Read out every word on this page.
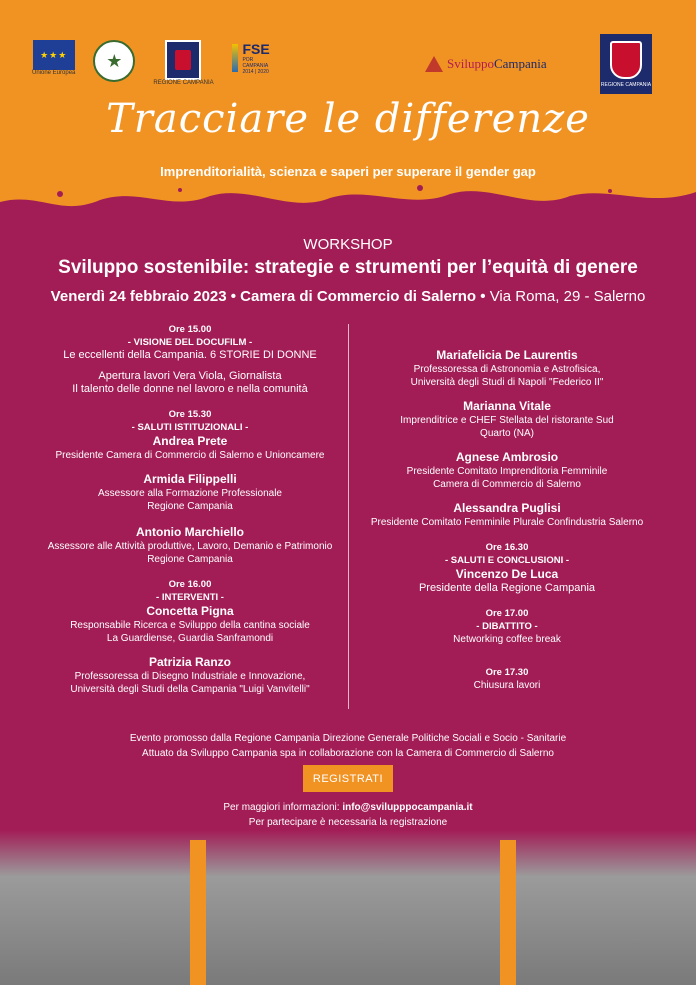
★★★
Unione Europea
★
REGIONE CAMPANIA
FSE
POR CAMPANIA 2014 | 2020
Sviluppo Campania
REGIONE CAMPANIA
Tracciare le differenze
Imprenditorialità, scienza e saperi per superare il gender gap
WORKSHOP
Sviluppo sostenibile: strategie e strumenti per l’equità di genere
Venerdì 24 febbraio 2023 • Camera di Commercio di Salerno • Via Roma, 29 - Salerno
Ore 15.00
- VISIONE DEL DOCUFILM -
Le eccellenti della Campania. 6 STORIE DI DONNE
Apertura lavori Vera Viola, Giornalista
Il talento delle donne nel lavoro e nella comunità
Ore 15.30
- SALUTI ISTITUZIONALI -
Andrea Prete
Presidente Camera di Commercio di Salerno e Unioncamere
Armida Filippelli
Assessore alla Formazione Professionale
Regione Campania
Antonio Marchiello
Assessore alle Attività produttive, Lavoro, Demanio e Patrimonio
Regione Campania
Ore 16.00
- INTERVENTI -
Concetta Pigna
Responsabile Ricerca e Sviluppo della cantina sociale
La Guardiense, Guardia Sanframondi
Patrizia Ranzo
Professoressa di Disegno Industriale e Innovazione,
Università degli Studi della Campania "Luigi Vanvitelli"
Mariafelicia De Laurentis
Professoressa di Astronomia e Astrofisica,
Università degli Studi di Napoli "Federico II"
Marianna Vitale
Imprenditrice e CHEF Stellata del ristorante Sud
Quarto (NA)
Agnese Ambrosio
Presidente Comitato Imprenditoria Femminile
Camera di Commercio di Salerno
Alessandra Puglisi
Presidente Comitato Femminile Plurale Confindustria Salerno
Ore 16.30
- SALUTI E CONCLUSIONI -
Vincenzo De Luca
Presidente della Regione Campania
Ore 17.00
- DIBATTITO -
Networking coffee break
Ore 17.30
Chiusura lavori
Evento promosso dalla Regione Campania Direzione Generale Politiche Sociali e Socio - Sanitarie
Attuato da Sviluppo Campania spa in collaborazione con la Camera di Commercio di Salerno
REGISTRATI
Per maggiori informazioni: info@svilupppocampania.it
Per partecipare è necessaria la registrazione
